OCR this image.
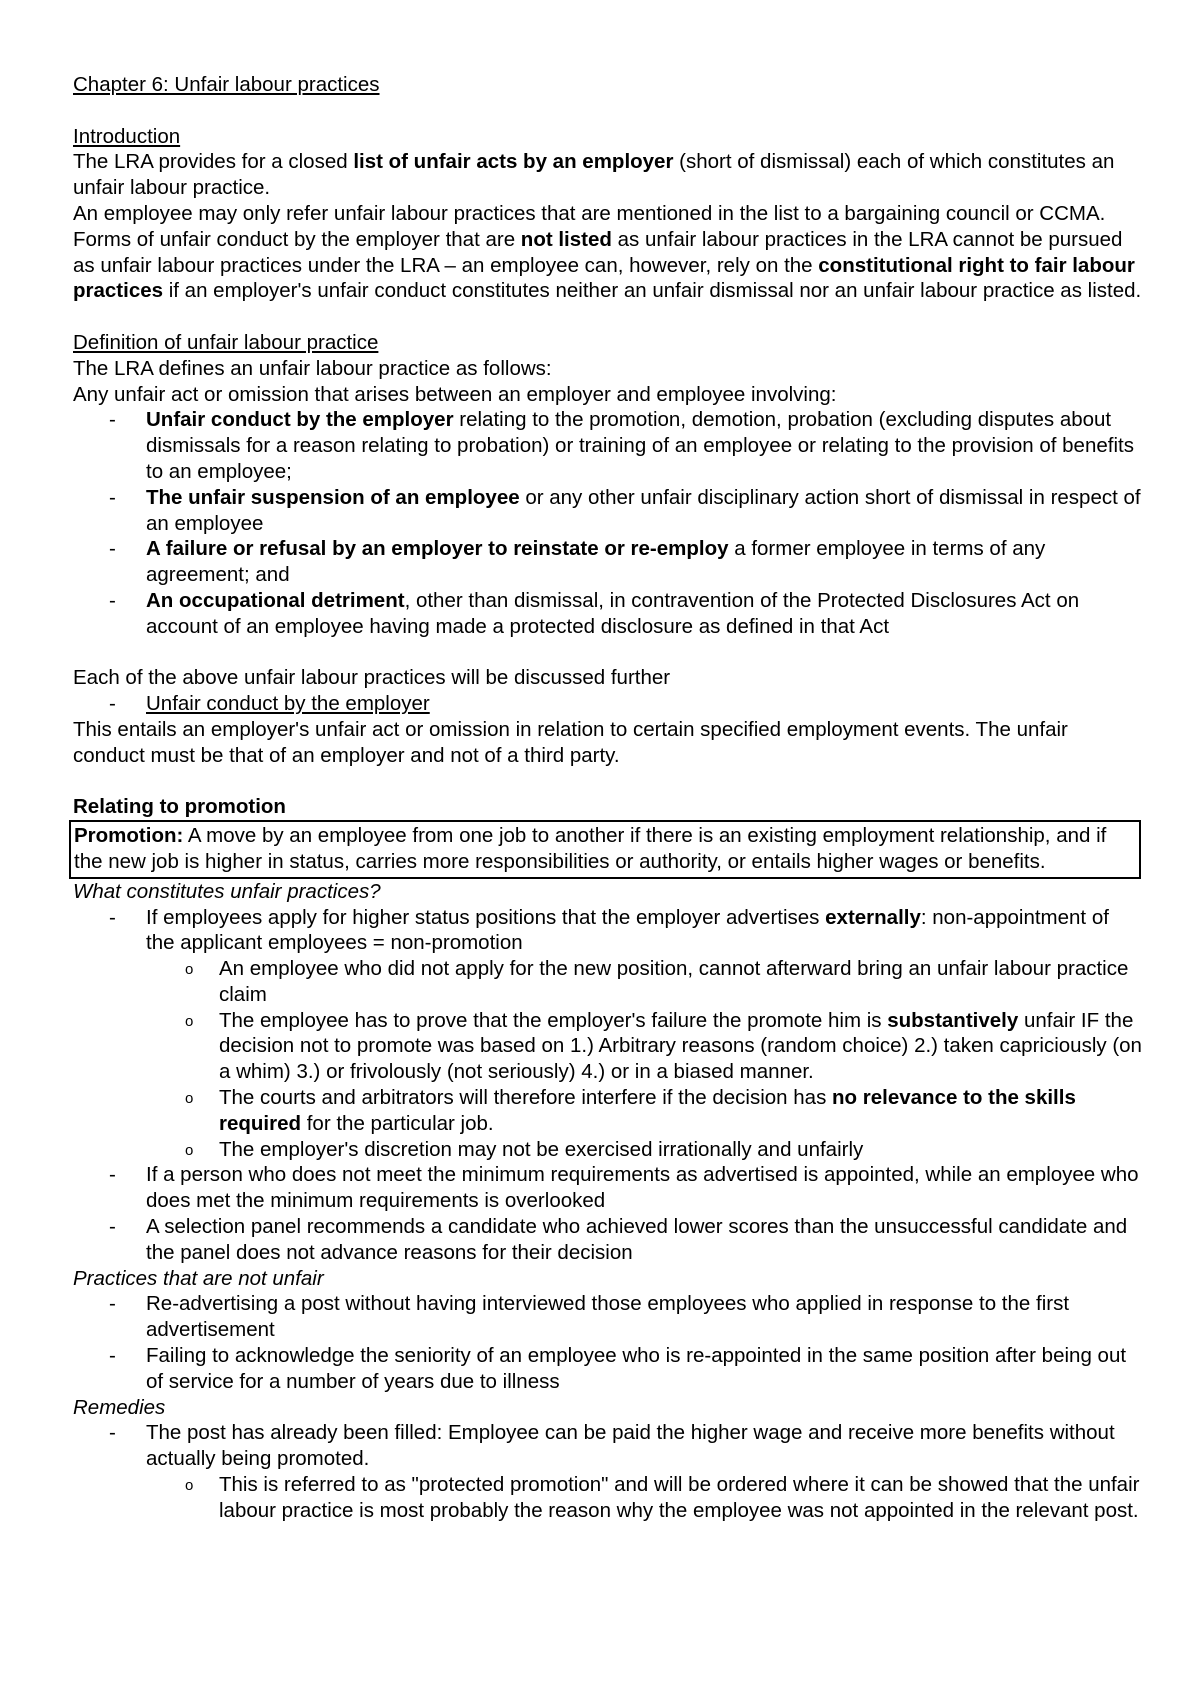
Chapter 6: Unfair labour practices

Introduction

The LRA provides for a closed list of unfair acts by an employer (short of dismissal) each of which constitutes an unfair labour practice.

An employee may only refer unfair labour practices that are mentioned in the list to a bargaining council or CCMA.

Forms of unfair conduct by the employer that are not listed as unfair labour practices in the LRA cannot be pursued as unfair labour practices under the LRA – an employee can, however, rely on the constitutional right to fair labour practices if an employer's unfair conduct constitutes neither an unfair dismissal nor an unfair labour practice as listed.

Definition of unfair labour practice

The LRA defines an unfair labour practice as follows:

Any unfair act or omission that arises between an employer and employee involving:

- Unfair conduct by the employer relating to the promotion, demotion, probation (excluding disputes about dismissals for a reason relating to probation) or training of an employee or relating to the provision of benefits to an employee;
- The unfair suspension of an employee or any other unfair disciplinary action short of dismissal in respect of an employee
- A failure or refusal by an employer to reinstate or re-employ a former employee in terms of any agreement; and
- An occupational detriment, other than dismissal, in contravention of the Protected Disclosures Act on account of an employee having made a protected disclosure as defined in that Act

Each of the above unfair labour practices will be discussed further

- Unfair conduct by the employer

This entails an employer's unfair act or omission in relation to certain specified employment events. The unfair conduct must be that of an employer and not of a third party.

Relating to promotion

Promotion: A move by an employee from one job to another if there is an existing employment relationship, and if the new job is higher in status, carries more responsibilities or authority, or entails higher wages or benefits.

What constitutes unfair practices?

- If employees apply for higher status positions that the employer advertises externally: non-appointment of the applicant employees = non-promotion
o An employee who did not apply for the new position, cannot afterward bring an unfair labour practice claim
o The employee has to prove that the employer's failure the promote him is substantively unfair IF the decision not to promote was based on 1.) Arbitrary reasons (random choice) 2.) taken capriciously (on a whim) 3.) or frivolously (not seriously) 4.) or in a biased manner.
o The courts and arbitrators will therefore interfere if the decision has no relevance to the skills required for the particular job.
o The employer's discretion may not be exercised irrationally and unfairly
- If a person who does not meet the minimum requirements as advertised is appointed, while an employee who does met the minimum requirements is overlooked
- A selection panel recommends a candidate who achieved lower scores than the unsuccessful candidate and the panel does not advance reasons for their decision

Practices that are not unfair

- Re-advertising a post without having interviewed those employees who applied in response to the first advertisement
- Failing to acknowledge the seniority of an employee who is re-appointed in the same position after being out of service for a number of years due to illness

Remedies

- The post has already been filled: Employee can be paid the higher wage and receive more benefits without actually being promoted.
o This is referred to as "protected promotion" and will be ordered where it can be showed that the unfair labour practice is most probably the reason why the employee was not appointed in the relevant post.
